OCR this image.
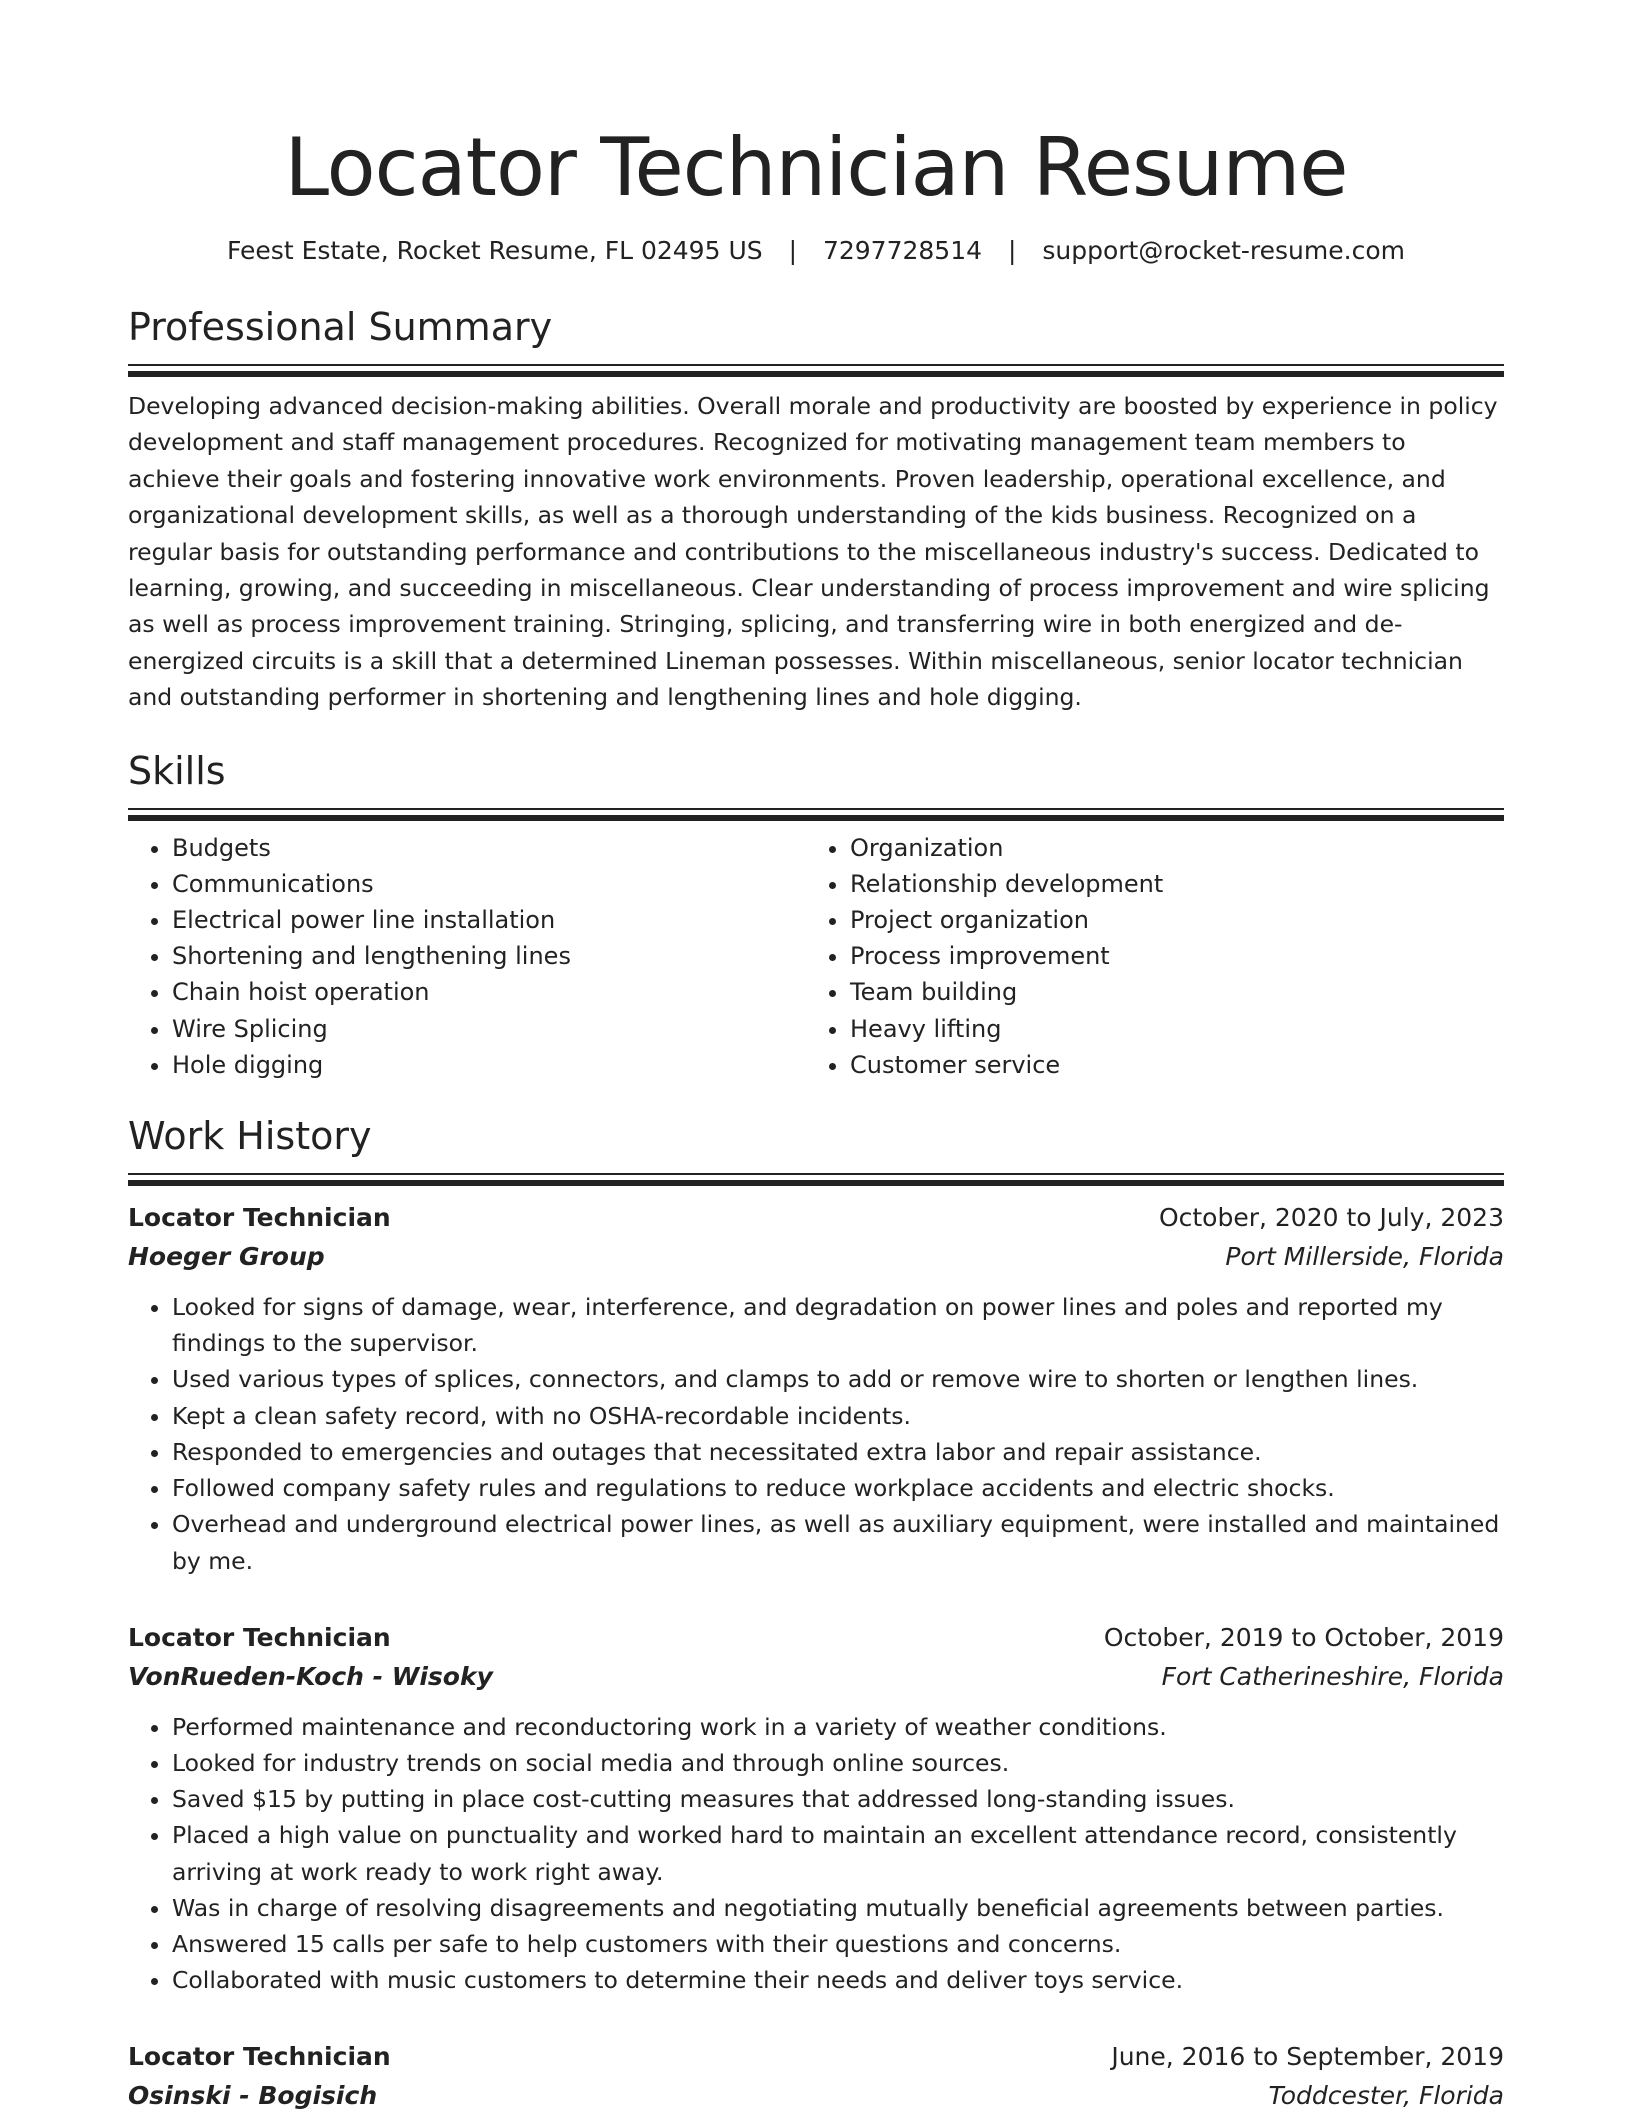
Locator Technician Resume
Feest Estate, Rocket Resume, FL 02495 US | 7297728514 | support@rocket-resume.com
Professional Summary

Developing advanced decision-making abilities. Overall morale and productivity are boosted by experience in policy development and staff management procedures. Recognized for motivating management team members to achieve their goals and fostering innovative work environments. Proven leadership, operational excellence, and organizational development skills, as well as a thorough understanding of the kids business. Recognized on a regular basis for outstanding performance and contributions to the miscellaneous industry's success. Dedicated to learning, growing, and succeeding in miscellaneous. Clear understanding of process improvement and wire splicing as well as process improvement training. Stringing, splicing, and transferring wire in both energized and de-energized circuits is a skill that a determined Lineman possesses. Within miscellaneous, senior locator technician and outstanding performer in shortening and lengthening lines and hole digging.

Skills
• Budgets
• Communications
• Electrical power line installation
• Shortening and lengthening lines
• Chain hoist operation
• Wire Splicing
• Hole digging
• Organization
• Relationship development
• Project organization
• Process improvement
• Team building
• Heavy lifting
• Customer service
Work History
Locator Technician	October, 2020 to July, 2023
Hoeger Group	Port Millerside, Florida
• Looked for signs of damage, wear, interference, and degradation on power lines and poles and reported my findings to the supervisor.
• Used various types of splices, connectors, and clamps to add or remove wire to shorten or lengthen lines.
• Kept a clean safety record, with no OSHA-recordable incidents.
• Responded to emergencies and outages that necessitated extra labor and repair assistance.
• Followed company safety rules and regulations to reduce workplace accidents and electric shocks.
• Overhead and underground electrical power lines, as well as auxiliary equipment, were installed and maintained by me.
Locator Technician	October, 2019 to October, 2019
VonRueden-Koch - Wisoky	Fort Catherineshire, Florida
• Performed maintenance and reconductoring work in a variety of weather conditions.
• Looked for industry trends on social media and through online sources.
• Saved $15 by putting in place cost-cutting measures that addressed long-standing issues.
• Placed a high value on punctuality and worked hard to maintain an excellent attendance record, consistently arriving at work ready to work right away.
• Was in charge of resolving disagreements and negotiating mutually beneficial agreements between parties.
• Answered 15 calls per safe to help customers with their questions and concerns.
• Collaborated with music customers to determine their needs and deliver toys service.
Locator Technician	June, 2016 to September, 2019
Osinski - Bogisich	Toddcester, Florida
